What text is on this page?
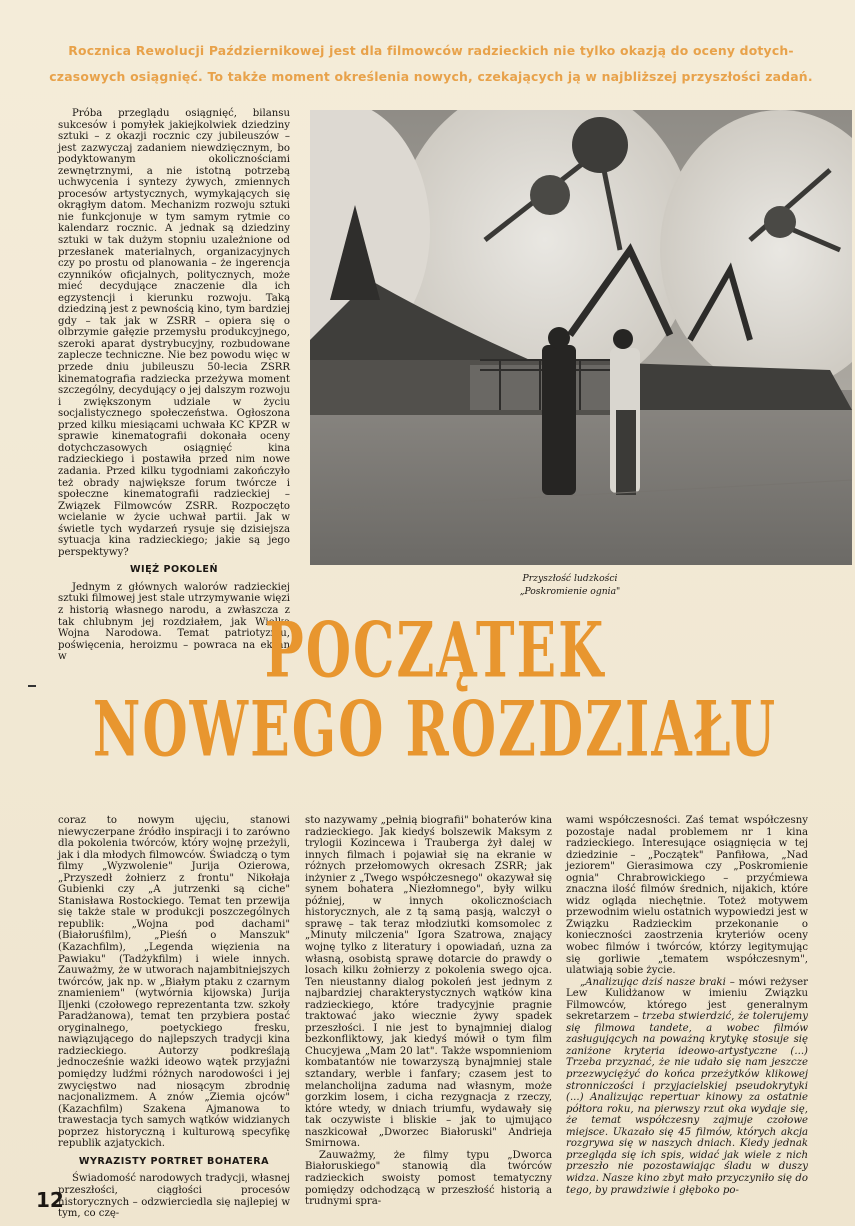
Rocznica Rewolucji Październikowej jest dla filmowców radzieckich nie tylko okazją do oceny dotych-
czasowych osiągnięć. To także moment określenia nowych, czekających ją w najbliższej przyszłości zadań.

Próba przeglądu osiągnięć, bilansu sukcesów i pomyłek jakiejkolwiek dziedziny sztuki – z okazji rocznic czy jubileuszów – jest zazwyczaj zadaniem niewdzięcznym, bo podyktowanym okolicznościami zewnętrznymi, a nie istotną potrzebą uchwycenia i syntezy żywych, zmiennych procesów artystycznych, wymykających się okrągłym datom. Mechanizm rozwoju sztuki nie funkcjonuje w tym samym rytmie co kalendarz rocznic. A jednak są dziedziny sztuki w tak dużym stopniu uzależnione od przesłanek materialnych, organizacyjnych czy po prostu od planowania – że ingerencja czynników oficjalnych, politycznych, może mieć decydujące znaczenie dla ich egzystencji i kierunku rozwoju. Taką dziedziną jest z pewnością kino, tym bardziej gdy – tak jak w ZSRR – opiera się o olbrzymie gałęzie przemysłu produkcyjnego, szeroki aparat dystrybucyjny, rozbudowane zaplecze techniczne. Nie bez powodu więc w przede dniu jubileuszu 50-lecia ZSRR kinematografia radziecka przeżywa moment szczególny, decydujący o jej dalszym rozwoju i zwiększonym udziale w życiu socjalistycznego społeczeństwa. Ogłoszona przed kilku miesiącami uchwała KC KPZR w sprawie kinematografii dokonała oceny dotychczasowych osiągnięć kina radzieckiego i postawiła przed nim nowe zadania. Przed kilku tygodniami zakończyło też obrady największe forum twórcze i społeczne kinematografii radzieckiej – Związek Filmowców ZSRR. Rozpoczęto wcielanie w życie uchwał partii. Jak w świetle tych wydarzeń rysuje się dzisiejsza sytuacja kina radzieckiego; jakie są jego perspektywy?

WIĘŹ POKOLEŃ

Jednym z głównych walorów radzieckiej sztuki filmowej jest stale utrzymywanie więzi z historią własnego narodu, a zwłaszcza z tak chlubnym jej rozdziałem, jak Wielka Wojna Narodowa. Temat patriotyzmu, poświęcenia, heroizmu – powraca na ekran w

Przyszłość ludzkości
„Poskromienie ognia"
POCZĄTEK
NOWEGO ROZDZIAŁU

coraz to nowym ujęciu, stanowi niewyczerpane źródło inspiracji i to zarówno dla pokolenia twórców, który wojnę przeżyli, jak i dla młodych filmowców. Świadczą o tym filmy „Wyzwolenie" Jurija Ozierowa, „Przyszedł żołnierz z frontu" Nikołaja Gubienki czy „A jutrzenki są ciche" Stanisława Rostockiego. Temat ten przewija się także stale w produkcji poszczególnych republik: „Wojna pod dachami" (Białoruśfilm), „Pieśń o Manszuk" (Kazachfilm), „Legenda więzienia na Pawiaku" (Tadżykfilm) i wiele innych. Zauważmy, że w utworach najambitniejszych twórców, jak np. w „Białym ptaku z czarnym znamieniem" (wytwórnia kijowska) Jurija Iljenki (czołowego reprezentanta tzw. szkoły Paradżanowa), temat ten przybiera postać oryginalnego, poetyckiego fresku, nawiązującego do najlepszych tradycji kina radzieckiego. Autorzy podkreślają jednocześnie ważki ideowo wątek przyjaźni pomiędzy ludźmi różnych narodowości i jej zwycięstwo nad niosącym zbrodnię nacjonalizmem. A znów „Ziemia ojców" (Kazachfilm) Szakena Ajmanowa to trawestacja tych samych wątków widzianych poprzez historyczną i kulturową specyfikę republik azjatyckich.

WYRAZISTY PORTRET BOHATERA

Świadomość narodowych tradycji, własnej przeszłości, ciągłości procesów historycznych – odzwierciedla się najlepiej w tym, co czę-

sto nazywamy „pełnią biografii" bohaterów kina radzieckiego. Jak kiedyś bolszewik Maksym z trylogii Kozincewa i Trauberga żył dalej w innych filmach i pojawiał się na ekranie w różnych przełomowych okresach ZSRR; jak inżynier z „Twego współczesnego" okazywał się synem bohatera „Niezłomnego", były wilku później, w innych okolicznościach historycznych, ale z tą samą pasją, walczył o sprawę – tak teraz młodziutki komsomolec z „Minuty milczenia" Igora Szatrowa, znający wojnę tylko z literatury i opowiadań, uzna za własną, osobistą sprawę dotarcie do prawdy o losach kilku żołnierzy z pokolenia swego ojca. Ten nieustanny dialog pokoleń jest jednym z najbardziej charakterystycznych wątków kina radzieckiego, które tradycyjnie pragnie traktować jako wiecznie żywy spadek przeszłości. I nie jest to bynajmniej dialog bezkonfliktowy, jak kiedyś mówił o tym film Chucyjewa „Mam 20 lat". Także wspomnieniom kombatantów nie towarzyszą bynajmniej stale sztandary, werble i fanfary; czasem jest to melancholijna zaduma nad własnym, może gorzkim losem, i cicha rezygnacja z rzeczy, które wtedy, w dniach triumfu, wydawały się tak oczywiste i bliskie – jak to ujmująco naszkicował „Dworzec Białoruski" Andrieja Smirnowa.

Zauważmy, że filmy typu „Dworca Białoruskiego" stanowią dla twórców radzieckich swoisty pomost tematyczny pomiędzy odchodzącą w przeszłość historią a trudnymi spra-

wami współczesności. Zaś temat współczesny pozostaje nadal problemem nr 1 kina radzieckiego. Interesujące osiągnięcia w tej dziedzinie – „Początek" Panfiłowa, „Nad jeziorem" Gierasimowa czy „Poskromienie ognia" Chrabrowickiego – przyćmiewa znaczna ilość filmów średnich, nijakich, które widz ogląda niechętnie. Toteż motywem przewodnim wielu ostatnich wypowiedzi jest w Związku Radzieckim przekonanie o konieczności zaostrzenia kryteriów oceny wobec filmów i twórców, którzy legitymując się gorliwie „tematem współczesnym", ulatwiają sobie życie.

„Analizując dziś nasze braki – mówi reżyser Lew Kulidżanow w imieniu Związku Filmowców, którego jest generalnym sekretarzem – trzeba stwierdzić, że tolerujemy się filmowa tandete, a wobec filmów zasługujących na poważną krytykę stosuje się zaniżone kryteria ideowo-artystyczne (...) Trzeba przyznać, że nie udało się nam jeszcze przezwyciężyć do końca przeżytków klikowej stronniczości i przyjacielskiej pseudokrytyki (...) Analizując repertuar kinowy za ostatnie półtora roku, na pierwszy rzut oka wydaje się, że temat współczesny zajmuje czołowe miejsce. Ukazało się 45 filmów, których akcja rozgrywa się w naszych dniach. Kiedy jednak przegląda się ich spis, widać jak wiele z nich przeszło nie pozostawiając śladu w duszy widza. Nasze kino zbyt mało przyczyniło się do tego, by prawdziwie i głęboko po-

12
